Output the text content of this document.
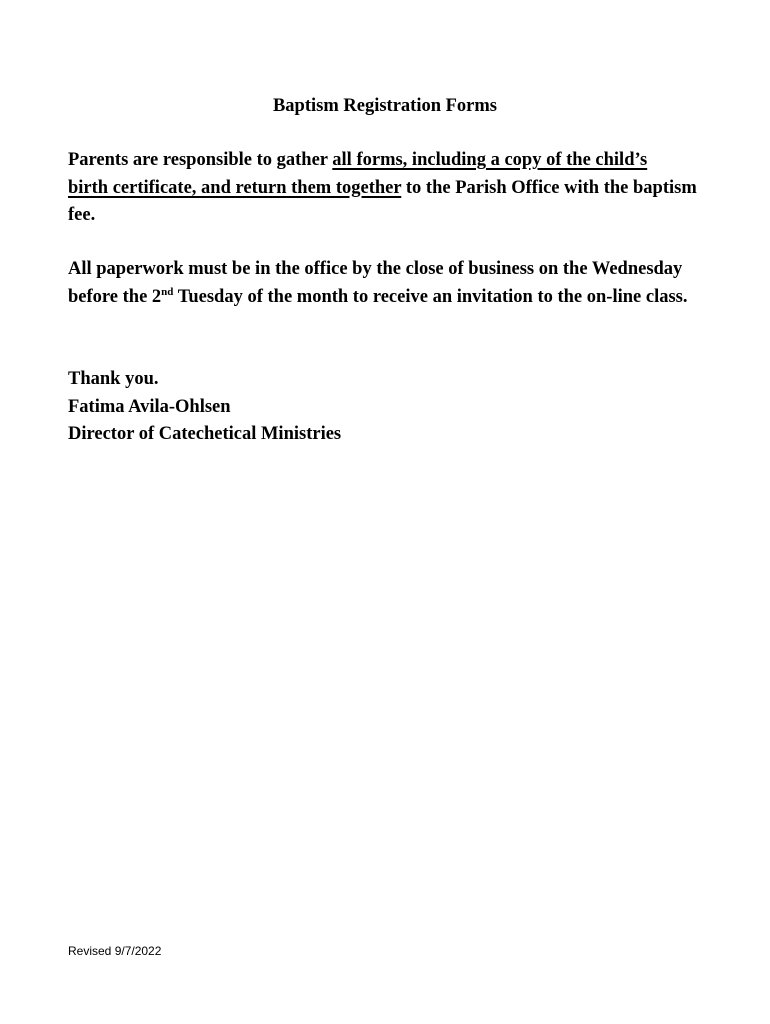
Baptism Registration Forms

Parents are responsible to gather all forms, including a copy of the child’s
birth certificate, and return them together to the Parish Office with the baptism fee.

All paperwork must be in the office by the close of business on the Wednesday before the 2nd Tuesday of the month to receive an invitation to the on-line class.

Thank you.
Fatima Avila-Ohlsen
Director of Catechetical Ministries

Revised 9/7/2022
